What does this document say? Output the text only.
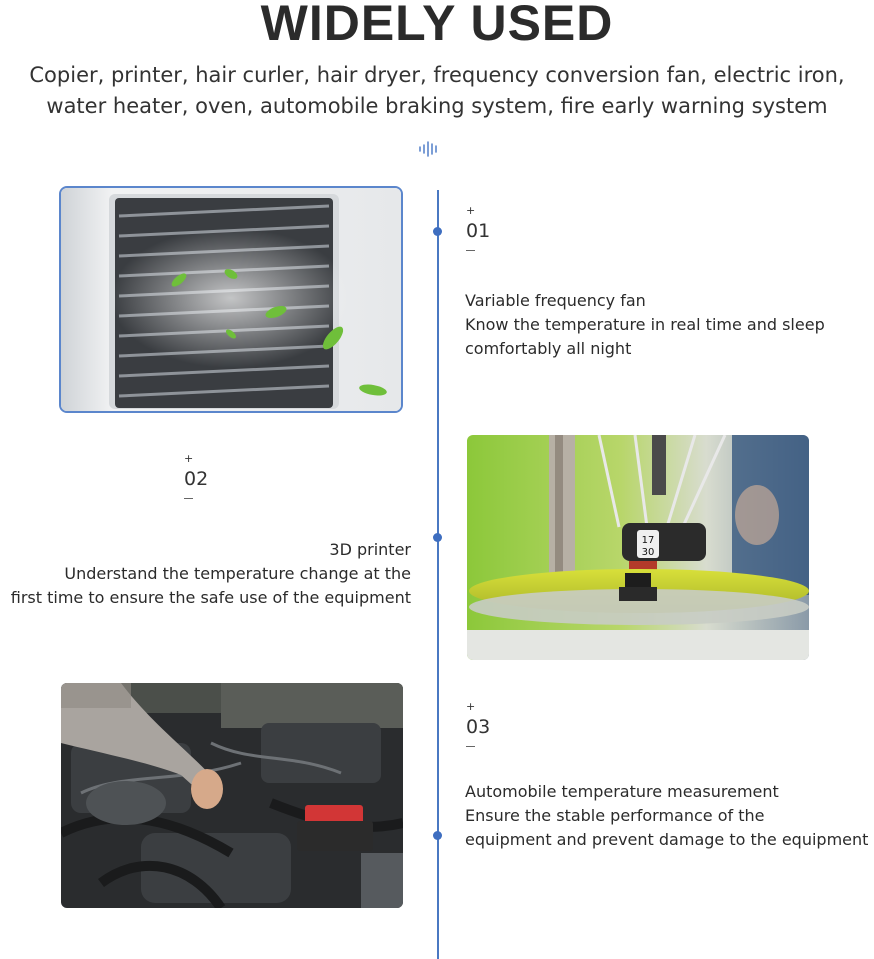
WIDELY USED
Copier, printer, hair curler, hair dryer, frequency conversion fan, electric iron,
water heater, oven, automobile braking system, fire early warning system
+
01
Variable frequency fan
Know the temperature in real time and sleep
comfortably all night
+
02
3D printer
Understand the temperature change at the
first time to ensure the safe use of the equipment
17
30
+
03
Automobile temperature measurement
Ensure the stable performance of the
equipment and prevent damage to the equipment
